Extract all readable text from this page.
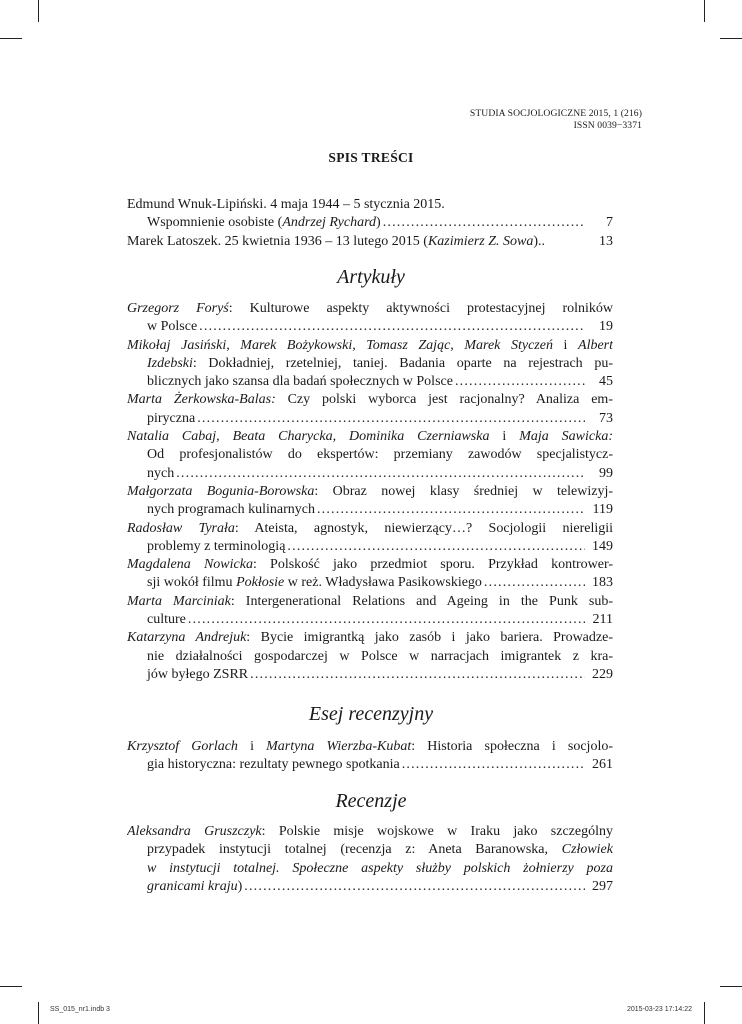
STUDIA SOCJOLOGICZNE 2015, 1 (216)
ISSN 0039−3371
SPIS TREŚCI
Edmund Wnuk-Lipiński. 4 maja 1944 – 5 stycznia 2015.
Wspomnienie osobiste (Andrzej Rychard) .....	7
Marek Latoszek. 25 kwietnia 1936 – 13 lutego 2015 (Kazimierz Z. Sowa)..	13
Artykuły
Grzegorz Foryś: Kulturowe aspekty aktywności protestacyjnej rolników
w Polsce .....	19
Mikołaj Jasiński, Marek Bożykowski, Tomasz Zając, Marek Styczeń i Albert
Izdebski: Dokładniej, rzetelniej, taniej. Badania oparte na rejestrach pu-
blicznych jako szansa dla badań społecznych w Polsce .....	45
Marta Żerkowska-Balas: Czy polski wyborca jest racjonalny? Analiza em-
piryczna .....	73
Natalia Cabaj, Beata Charycka, Dominika Czerniawska i Maja Sawicka:
Od profesjonalistów do ekspertów: przemiany zawodów specjalistycz-
nych .....	99
Małgorzata Bogunia-Borowska: Obraz nowej klasy średniej w telewizyj-
nych programach kulinarnych .....	119
Radosław Tyrała: Ateista, agnostyk, niewierzący…? Socjologii niereligii
problemy z terminologią .....	149
Magdalena Nowicka: Polskość jako przedmiot sporu. Przykład kontrower-
sji wokół filmu Pokłosie w reż. Władysława Pasikowskiego .....	183
Marta Marciniak: Intergenerational Relations and Ageing in the Punk sub-
culture .....	211
Katarzyna Andrejuk: Bycie imigrantką jako zasób i jako bariera. Prowadze-
nie działalności gospodarczej w Polsce w narracjach imigrantek z kra-
jów byłego ZSRR .....	229
Esej recenzyjny
Krzysztof Gorlach i Martyna Wierzba-Kubat: Historia społeczna i socjolo-
gia historyczna: rezultaty pewnego spotkania .....	261
Recenzje
Aleksandra Gruszczyk: Polskie misje wojskowe w Iraku jako szczególny
przypadek instytucji totalnej (recenzja z: Aneta Baranowska, Człowiek
w instytucji totalnej. Społeczne aspekty służby polskich żołnierzy poza
granicami kraju) .....	297
SS_015_nr1.indb 3	2015-03-23 17:14:22
